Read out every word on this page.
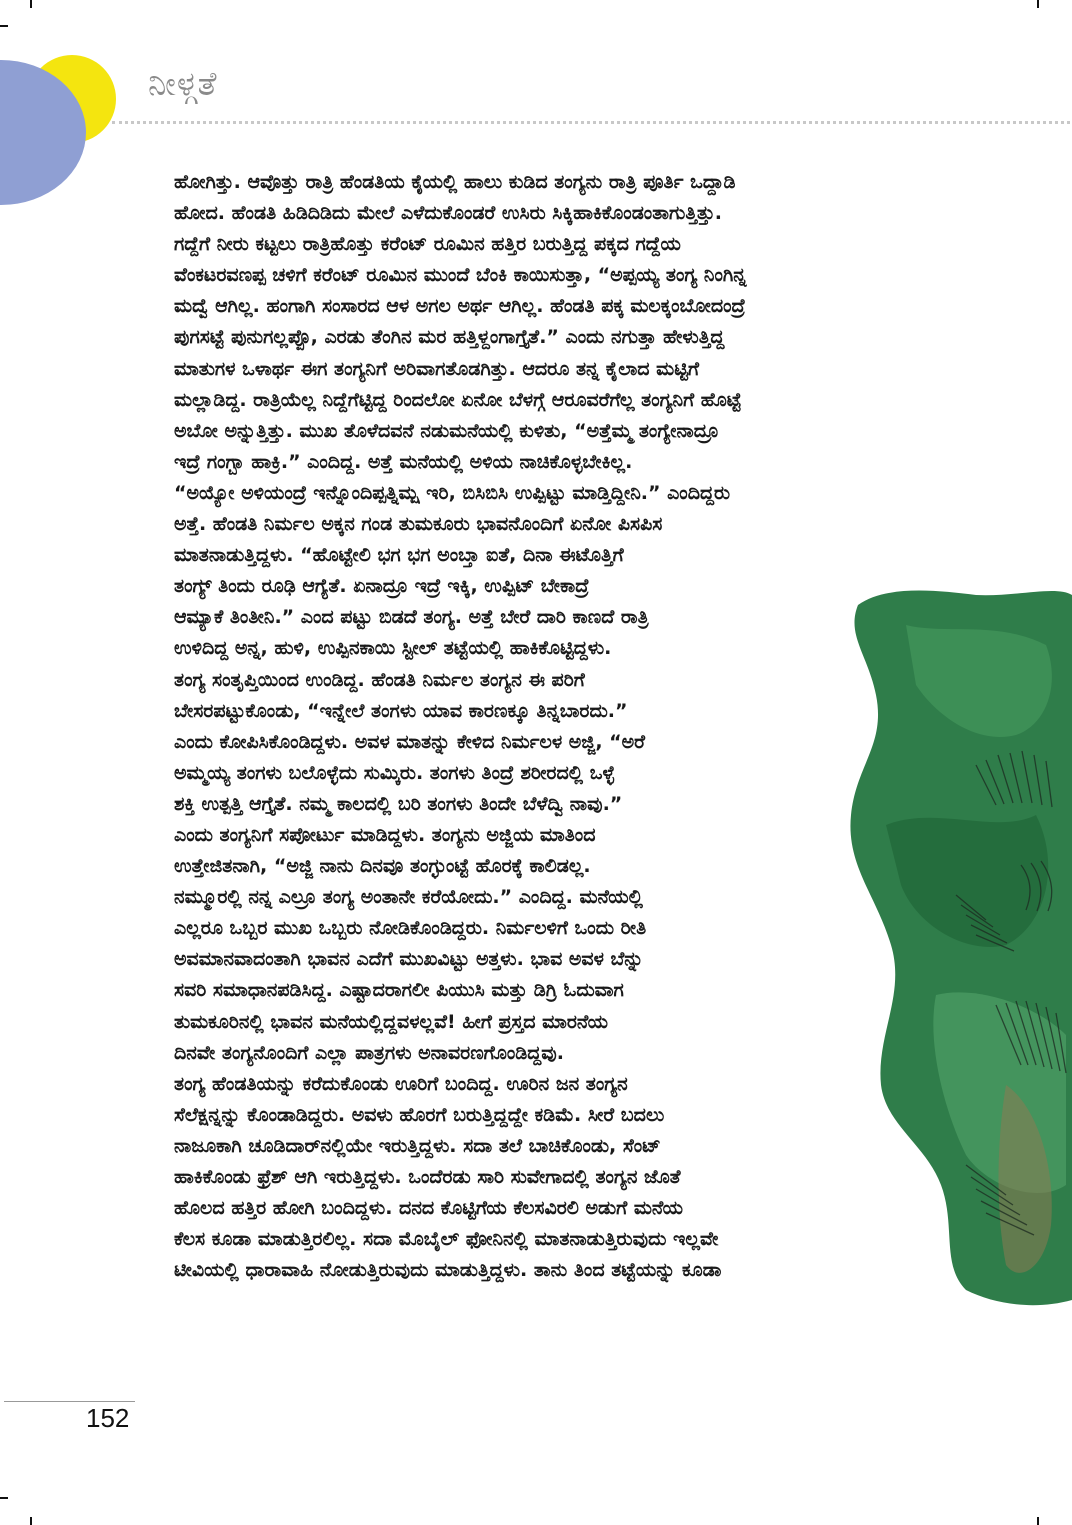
ನೀಳ್ಗತೆ
ಹೋಗಿತ್ತು. ಆವೊತ್ತು ರಾತ್ರಿ ಹೆಂಡತಿಯ ಕೈಯಲ್ಲಿ ಹಾಲು ಕುಡಿದ ತಂಗ್ಯನು ರಾತ್ರಿ ಪೂರ್ತಿ ಒದ್ದಾಡಿ
ಹೋದ. ಹೆಂಡತಿ ಹಿಡಿದಿಡಿದು ಮೇಲೆ ಎಳೆದುಕೊಂಡರೆ ಉಸಿರು ಸಿಕ್ಕಿಹಾಕಿಕೊಂಡಂತಾಗುತ್ತಿತ್ತು.
ಗದ್ದೆಗೆ ನೀರು ಕಟ್ಟಲು ರಾತ್ರಿಹೊತ್ತು ಕರೆಂಟ್ ರೂಮಿನ ಹತ್ತಿರ ಬರುತ್ತಿದ್ದ ಪಕ್ಕದ ಗದ್ದೆಯ
ವೆಂಕಟರವಣಪ್ಪ ಚಳಿಗೆ ಕರೆಂಟ್ ರೂಮಿನ ಮುಂದೆ ಬೆಂಕಿ ಕಾಯಿಸುತ್ತಾ, “ಅಪ್ಪಯ್ಯ ತಂಗ್ಯ ನಿಂಗಿನ್ನ
ಮದ್ವೆ ಆಗಿಲ್ಲ. ಹಂಗಾಗಿ ಸಂಸಾರದ ಆಳ ಅಗಲ ಅರ್ಥ ಆಗಿಲ್ಲ. ಹೆಂಡತಿ ಪಕ್ಕ ಮಲಕ್ಕಂಬೋದಂದ್ರೆ
ಪುಗಸಟ್ಟೆ ಪುನುಗಲ್ಲಪ್ಪೊ, ಎರಡು ತೆಂಗಿನ ಮರ ಹತ್ತಿಳ್ದಂಗಾಗ್ತೈತೆ.” ಎಂದು ನಗುತ್ತಾ ಹೇಳುತ್ತಿದ್ದ
ಮಾತುಗಳ ಒಳಾರ್ಥ ಈಗ ತಂಗ್ಯನಿಗೆ ಅರಿವಾಗತೊಡಗಿತ್ತು. ಆದರೂ ತನ್ನ ಕೈಲಾದ ಮಟ್ಟಿಗೆ
ಮಲ್ಲಾಡಿದ್ದ. ರಾತ್ರಿಯೆಲ್ಲ ನಿದ್ದೆಗೆಟ್ಟಿದ್ದ ರಿಂದಲೋ ಏನೋ ಬೆಳಗ್ಗೆ ಆರೂವರೆಗೆಲ್ಲ ತಂಗ್ಯನಿಗೆ ಹೊಟ್ಟೆ
ಅಬೋ ಅನ್ನುತ್ತಿತ್ತು. ಮುಖ ತೊಳೆದವನೆ ನಡುಮನೆಯಲ್ಲಿ ಕುಳಿತು, “ಅತ್ತೆಮ್ಮ ತಂಗ್ಯೇನಾದ್ರೂ
ಇದ್ರೆ ಗಂಗ್ಬಾ ಹಾಕ್ರಿ.” ಎಂದಿದ್ದ. ಅತ್ತೆ ಮನೆಯಲ್ಲಿ ಅಳಿಯ ನಾಚಿಕೊಳ್ಳಬೇಕಿಲ್ಲ.
“ಅಯ್ಯೋ ಅಳಿಯಂದ್ರೆ ಇನ್ನೊಂದಿಪ್ಪತ್ನಿಮ್ಷ ಇರಿ, ಬಿಸಿಬಿಸಿ ಉಪ್ಪಿಟ್ಟು ಮಾಡ್ತಿದ್ದೀನಿ.” ಎಂದಿದ್ದರು
ಅತ್ತೆ. ಹೆಂಡತಿ ನಿರ್ಮಲ ಅಕ್ಕನ ಗಂಡ ತುಮಕೂರು ಭಾವನೊಂದಿಗೆ ಏನೋ ಪಿಸಪಿಸ
ಮಾತನಾಡುತ್ತಿದ್ದಳು. “ಹೊಟ್ಟೇಲಿ ಭಗ ಭಗ ಅಂಬ್ತಾ ಐತೆ, ದಿನಾ ಈಟೊತ್ತಿಗೆ
ತಂಗ್ಯ್ ತಿಂದು ರೂಢಿ ಆಗ್ಯೆತೆ. ಏನಾದ್ರೂ ಇದ್ರೆ ಇಕ್ಕಿ, ಉಪ್ಪಿಟ್ ಬೇಕಾದ್ರೆ
ಆಮ್ಯಾಕೆ ತಿಂತೀನಿ.” ಎಂದ ಪಟ್ಟು ಬಿಡದೆ ತಂಗ್ಯ. ಅತ್ತೆ ಬೇರೆ ದಾರಿ ಕಾಣದೆ ರಾತ್ರಿ
ಉಳಿದಿದ್ದ ಅನ್ನ, ಹುಳಿ, ಉಪ್ಪಿನಕಾಯಿ ಸ್ಟೀಲ್ ತಟ್ಟೆಯಲ್ಲಿ ಹಾಕಿಕೊಟ್ಟಿದ್ದಳು.
ತಂಗ್ಯ ಸಂತೃಪ್ತಿಯಿಂದ ಉಂಡಿದ್ದ. ಹೆಂಡತಿ ನಿರ್ಮಲ ತಂಗ್ಯನ ಈ ಪರಿಗೆ
ಬೇಸರಪಟ್ಟುಕೊಂಡು, “ಇನ್ನೇಲೆ ತಂಗಳು ಯಾವ ಕಾರಣಕ್ಕೂ ತಿನ್ನಬಾರದು.”
ಎಂದು ಕೋಪಿಸಿಕೊಂಡಿದ್ದಳು. ಅವಳ ಮಾತನ್ನು ಕೇಳಿದ ನಿರ್ಮಲಳ ಅಜ್ಜಿ, “ಅರೆ
ಅಮ್ಮಯ್ಯ ತಂಗಳು ಬಲೊಳ್ಳೆದು ಸುಮ್ಕಿರು. ತಂಗಳು ತಿಂದ್ರೆ ಶರೀರದಲ್ಲಿ ಒಳ್ಳೆ
ಶಕ್ತಿ ಉತ್ಪತ್ತಿ ಆಗ್ತೈತೆ. ನಮ್ಮ ಕಾಲದಲ್ಲಿ ಬರಿ ತಂಗಳು ತಿಂದೇ ಬೆಳೆದ್ವಿ ನಾವು.”
ಎಂದು ತಂಗ್ಯನಿಗೆ ಸಪೋರ್ಟು ಮಾಡಿದ್ದಳು. ತಂಗ್ಯನು ಅಜ್ಜಿಯ ಮಾತಿಂದ
ಉತ್ತೇಜಿತನಾಗಿ, “ಅಜ್ಜಿ ನಾನು ದಿನವೂ ತಂಗ್ಳುಂಟ್ಟೆ ಹೊರಕ್ಕೆ ಕಾಲಿಡಲ್ಲ.
ನಮ್ಮೂರಲ್ಲಿ ನನ್ನ ಎಲ್ರೂ ತಂಗ್ಯ ಅಂತಾನೇ ಕರೆಯೋದು.” ಎಂದಿದ್ದ. ಮನೆಯಲ್ಲಿ
ಎಲ್ಲರೂ ಒಬ್ಬರ ಮುಖ ಒಬ್ಬರು ನೋಡಿಕೊಂಡಿದ್ದರು. ನಿರ್ಮಲಳಿಗೆ ಒಂದು ರೀತಿ
ಅವಮಾನವಾದಂತಾಗಿ ಭಾವನ ಎದೆಗೆ ಮುಖವಿಟ್ಟು ಅತ್ತಳು. ಭಾವ ಅವಳ ಬೆನ್ನು
ಸವರಿ ಸಮಾಧಾನಪಡಿಸಿದ್ದ. ಎಷ್ಟಾದರಾಗಲೀ ಪಿಯುಸಿ ಮತ್ತು ಡಿಗ್ರಿ ಓದುವಾಗ
ತುಮಕೂರಿನಲ್ಲಿ ಭಾವನ ಮನೆಯಲ್ಲಿದ್ದವಳಲ್ಲವೆ! ಹೀಗೆ ಪ್ರಸ್ತದ ಮಾರನೆಯ
ದಿನವೇ ತಂಗ್ಯನೊಂದಿಗೆ ಎಲ್ಲಾ ಪಾತ್ರಗಳು ಅನಾವರಣಗೊಂಡಿದ್ದವು.
ತಂಗ್ಯ ಹೆಂಡತಿಯನ್ನು ಕರೆದುಕೊಂಡು ಊರಿಗೆ ಬಂದಿದ್ದ. ಊರಿನ ಜನ ತಂಗ್ಯನ
ಸೆಲೆಕ್ಷನ್ನನ್ನು ಕೊಂಡಾಡಿದ್ದರು. ಅವಳು ಹೊರಗೆ ಬರುತ್ತಿದ್ದದ್ದೇ ಕಡಿಮೆ. ಸೀರೆ ಬದಲು
ನಾಜೂಕಾಗಿ ಚೂಡಿದಾರ್‌ನಲ್ಲಿಯೇ ಇರುತ್ತಿದ್ದಳು. ಸದಾ ತಲೆ ಬಾಚಿಕೊಂಡು, ಸೆಂಟ್
ಹಾಕಿಕೊಂಡು ಫ್ರೆಶ್ ಆಗಿ ಇರುತ್ತಿದ್ದಳು. ಒಂದೆರಡು ಸಾರಿ ಸುವೇಗಾದಲ್ಲಿ ತಂಗ್ಯನ ಜೊತೆ
ಹೊಲದ ಹತ್ತಿರ ಹೋಗಿ ಬಂದಿದ್ದಳು. ದನದ ಕೊಟ್ಟಿಗೆಯ ಕೆಲಸವಿರಲಿ ಅಡುಗೆ ಮನೆಯ
ಕೆಲಸ ಕೂಡಾ ಮಾಡುತ್ತಿರಲಿಲ್ಲ. ಸದಾ ಮೊಬೈಲ್ ಫೋನಿನಲ್ಲಿ ಮಾತನಾಡುತ್ತಿರುವುದು ಇಲ್ಲವೇ
ಟೀವಿಯಲ್ಲಿ ಧಾರಾವಾಹಿ ನೋಡುತ್ತಿರುವುದು ಮಾಡುತ್ತಿದ್ದಳು. ತಾನು ತಿಂದ ತಟ್ಟೆಯನ್ನು ಕೂಡಾ
152
